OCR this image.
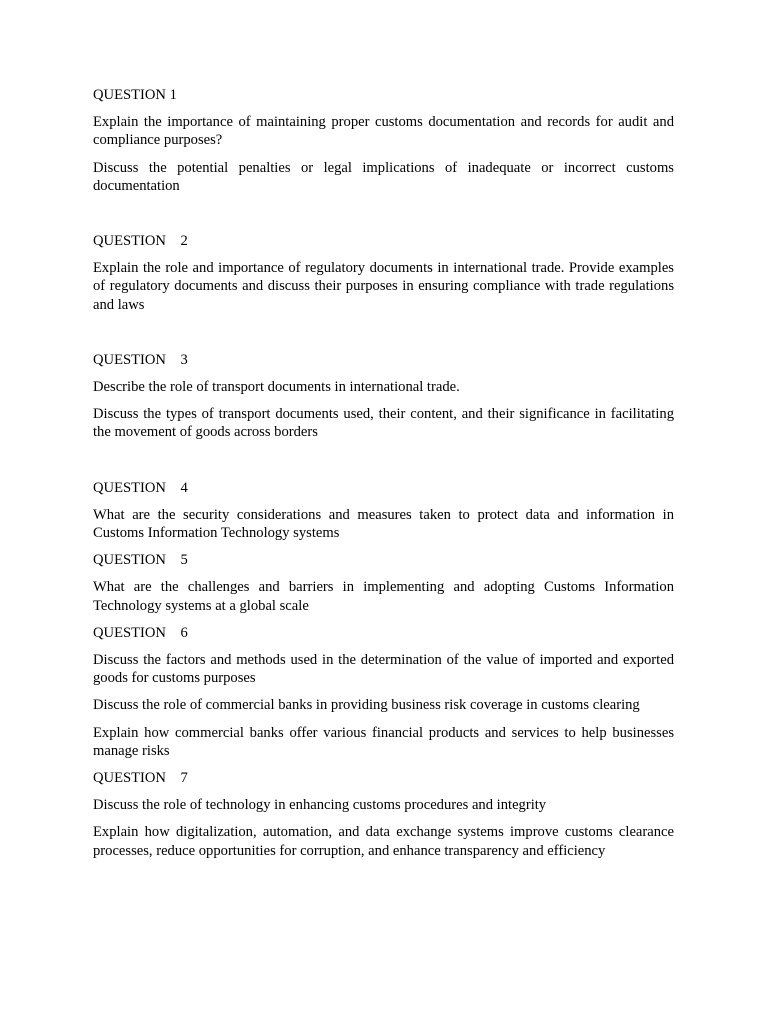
QUESTION 1
Explain the importance of maintaining proper customs documentation and records for audit and compliance purposes?
Discuss the potential penalties or legal implications of inadequate or incorrect customs documentation
QUESTION    2
Explain the role and importance of regulatory documents in international trade. Provide examples of regulatory documents and discuss their purposes in ensuring compliance with trade regulations and laws
QUESTION    3
Describe the role of transport documents in international trade.
Discuss the types of transport documents used, their content, and their significance in facilitating the movement of goods across borders
QUESTION    4
What are the security considerations and measures taken to protect data and information in Customs Information Technology systems
QUESTION    5
What are the challenges and barriers in implementing and adopting Customs Information Technology systems at a global scale
QUESTION    6
Discuss the factors and methods used in the determination of the value of imported and exported goods for customs purposes
Discuss the role of commercial banks in providing business risk coverage in customs clearing
Explain how commercial banks offer various financial products and services to help businesses manage risks
QUESTION    7
Discuss the role of technology in enhancing customs procedures and integrity
Explain how digitalization, automation, and data exchange systems improve customs clearance processes, reduce opportunities for corruption, and enhance transparency and efficiency
